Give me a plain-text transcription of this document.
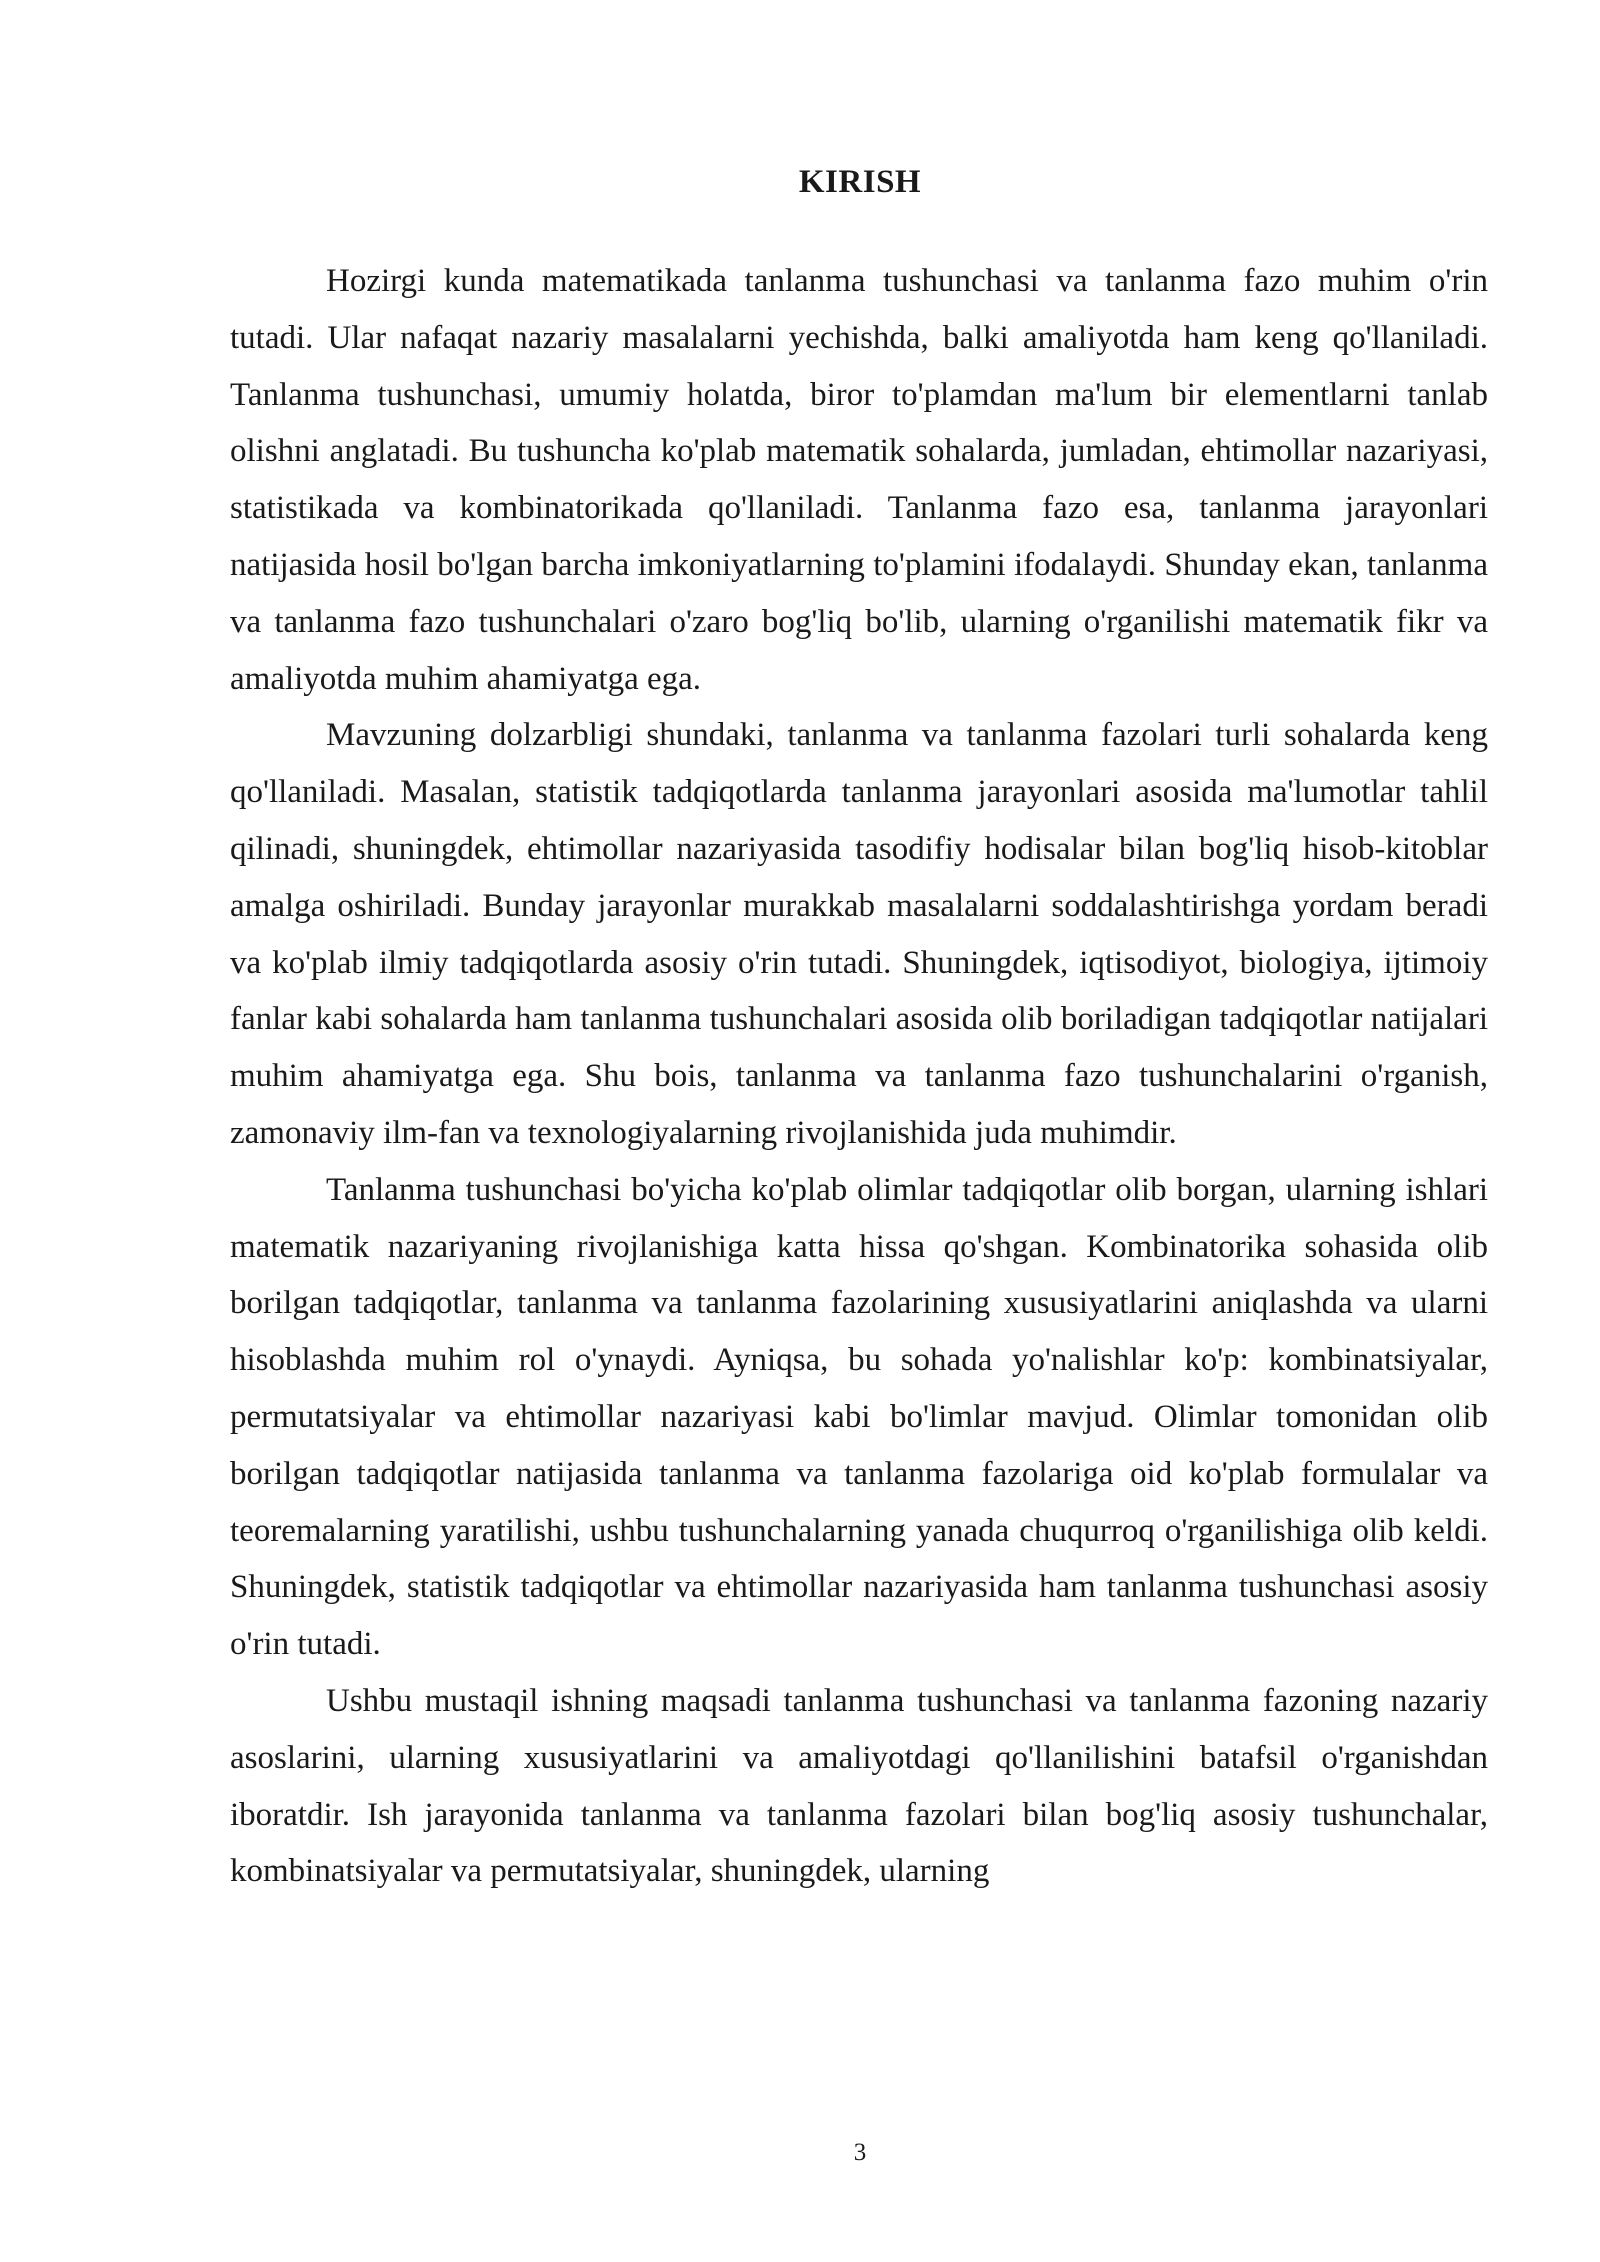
KIRISH

Hozirgi kunda matematikada tanlanma tushunchasi va tanlanma fazo muhim o'rin tutadi. Ular nafaqat nazariy masalalarni yechishda, balki amaliyotda ham keng qo'llaniladi. Tanlanma tushunchasi, umumiy holatda, biror to'plamdan ma'lum bir elementlarni tanlab olishni anglatadi. Bu tushuncha ko'plab matematik sohalarda, jumladan, ehtimollar nazariyasi, statistikada va kombinatorikada qo'llaniladi. Tanlanma fazo esa, tanlanma jarayonlari natijasida hosil bo'lgan barcha imkoniyatlarning to'plamini ifodalaydi. Shunday ekan, tanlanma va tanlanma fazo tushunchalari o'zaro bog'liq bo'lib, ularning o'rganilishi matematik fikr va amaliyotda muhim ahamiyatga ega.

Mavzuning dolzarbligi shundaki, tanlanma va tanlanma fazolari turli sohalarda keng qo'llaniladi. Masalan, statistik tadqiqotlarda tanlanma jarayonlari asosida ma'lumotlar tahlil qilinadi, shuningdek, ehtimollar nazariyasida tasodifiy hodisalar bilan bog'liq hisob-kitoblar amalga oshiriladi. Bunday jarayonlar murakkab masalalarni soddalashtirishga yordam beradi va ko'plab ilmiy tadqiqotlarda asosiy o'rin tutadi. Shuningdek, iqtisodiyot, biologiya, ijtimoiy fanlar kabi sohalarda ham tanlanma tushunchalari asosida olib boriladigan tadqiqotlar natijalari muhim ahamiyatga ega. Shu bois, tanlanma va tanlanma fazo tushunchalarini o'rganish, zamonaviy ilm-fan va texnologiyalarning rivojlanishida juda muhimdir.

Tanlanma tushunchasi bo'yicha ko'plab olimlar tadqiqotlar olib borgan, ularning ishlari matematik nazariyaning rivojlanishiga katta hissa qo'shgan. Kombinatorika sohasida olib borilgan tadqiqotlar, tanlanma va tanlanma fazolarining xususiyatlarini aniqlashda va ularni hisoblashda muhim rol o'ynaydi. Ayniqsa, bu sohada yo'nalishlar ko'p: kombinatsiyalar, permutatsiyalar va ehtimollar nazariyasi kabi bo'limlar mavjud. Olimlar tomonidan olib borilgan tadqiqotlar natijasida tanlanma va tanlanma fazolariga oid ko'plab formulalar va teoremalarning yaratilishi, ushbu tushunchalarning yanada chuqurroq o'rganilishiga olib keldi. Shuningdek, statistik tadqiqotlar va ehtimollar nazariyasida ham tanlanma tushunchasi asosiy o'rin tutadi.

Ushbu mustaqil ishning maqsadi tanlanma tushunchasi va tanlanma fazoning nazariy asoslarini, ularning xususiyatlarini va amaliyotdagi qo'llanilishini batafsil o'rganishdan iboratdir. Ish jarayonida tanlanma va tanlanma fazolari bilan bog'liq asosiy tushunchalar, kombinatsiyalar va permutatsiyalar, shuningdek, ularning

3
